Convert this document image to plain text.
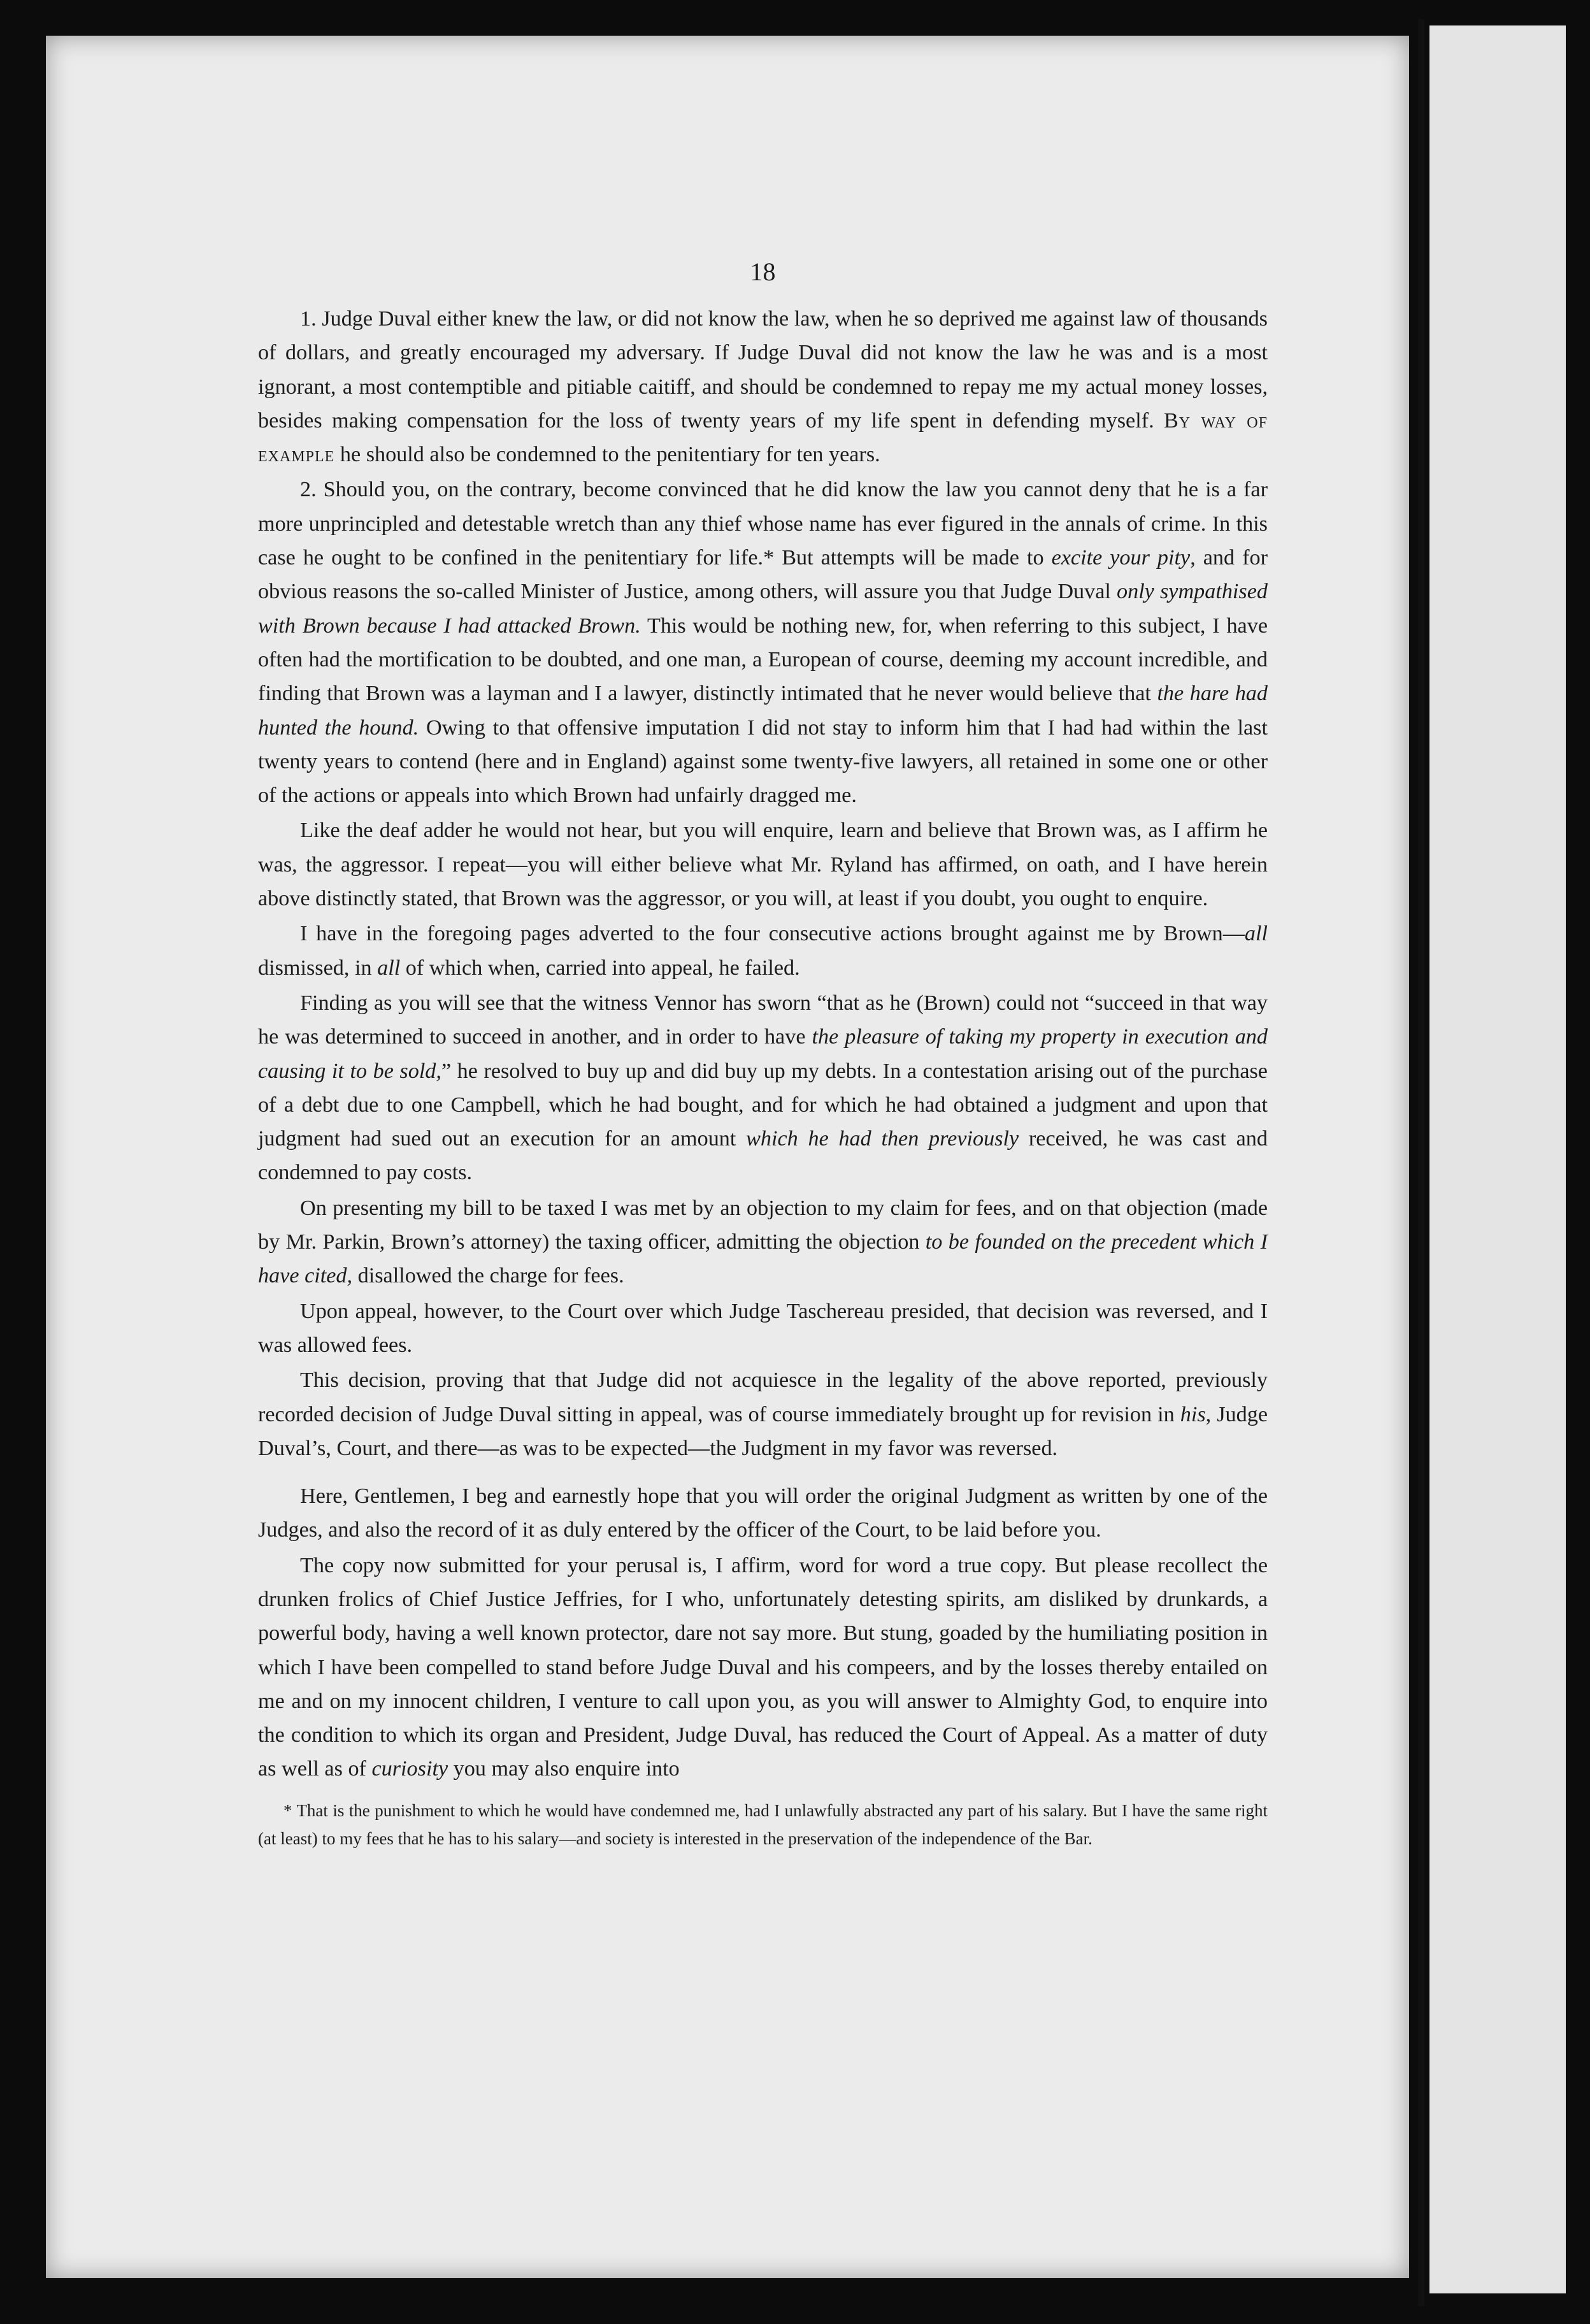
18

1. Judge Duval either knew the law, or did not know the law, when he so deprived me against law of thousands of dollars, and greatly encouraged my adversary. If Judge Duval did not know the law he was and is a most ignorant, a most contemptible and pitiable caitiff, and should be condemned to repay me my actual money losses, besides making compensation for the loss of twenty years of my life spent in defending myself. By way of example he should also be condemned to the penitentiary for ten years.

2. Should you, on the contrary, become convinced that he did know the law you cannot deny that he is a far more unprincipled and detestable wretch than any thief whose name has ever figured in the annals of crime. In this case he ought to be confined in the penitentiary for life.* But attempts will be made to excite your pity, and for obvious reasons the so-called Minister of Justice, among others, will assure you that Judge Duval only sympathised with Brown because I had attacked Brown. This would be nothing new, for, when referring to this subject, I have often had the mortification to be doubted, and one man, a European of course, deeming my account incredible, and finding that Brown was a layman and I a lawyer, distinctly intimated that he never would believe that the hare had hunted the hound. Owing to that offensive imputation I did not stay to inform him that I had had within the last twenty years to contend (here and in England) against some twenty-five lawyers, all retained in some one or other of the actions or appeals into which Brown had unfairly dragged me.

Like the deaf adder he would not hear, but you will enquire, learn and believe that Brown was, as I affirm he was, the aggressor. I repeat—you will either believe what Mr. Ryland has affirmed, on oath, and I have herein above distinctly stated, that Brown was the aggressor, or you will, at least if you doubt, you ought to enquire.

I have in the foregoing pages adverted to the four consecutive actions brought against me by Brown—all dismissed, in all of which when, carried into appeal, he failed.

Finding as you will see that the witness Vennor has sworn “that as he (Brown) could not “succeed in that way he was determined to succeed in another, and in order to have the pleasure of taking my property in execution and causing it to be sold,” he resolved to buy up and did buy up my debts. In a contestation arising out of the purchase of a debt due to one Campbell, which he had bought, and for which he had obtained a judgment and upon that judgment had sued out an execution for an amount which he had then previously received, he was cast and condemned to pay costs.

On presenting my bill to be taxed I was met by an objection to my claim for fees, and on that objection (made by Mr. Parkin, Brown’s attorney) the taxing officer, admitting the objection to be founded on the precedent which I have cited, disallowed the charge for fees.

Upon appeal, however, to the Court over which Judge Taschereau presided, that decision was reversed, and I was allowed fees.

This decision, proving that that Judge did not acquiesce in the legality of the above reported, previously recorded decision of Judge Duval sitting in appeal, was of course immediately brought up for revision in his, Judge Duval’s, Court, and there—as was to be expected—the Judgment in my favor was reversed.

Here, Gentlemen, I beg and earnestly hope that you will order the original Judgment as written by one of the Judges, and also the record of it as duly entered by the officer of the Court, to be laid before you.

The copy now submitted for your perusal is, I affirm, word for word a true copy. But please recollect the drunken frolics of Chief Justice Jeffries, for I who, unfortunately detesting spirits, am disliked by drunkards, a powerful body, having a well known protector, dare not say more. But stung, goaded by the humiliating position in which I have been compelled to stand before Judge Duval and his compeers, and by the losses thereby entailed on me and on my innocent children, I venture to call upon you, as you will answer to Almighty God, to enquire into the condition to which its organ and President, Judge Duval, has reduced the Court of Appeal. As a matter of duty as well as of curiosity you may also enquire into

* That is the punishment to which he would have condemned me, had I unlawfully abstracted any part of his salary. But I have the same right (at least) to my fees that he has to his salary—and society is interested in the preservation of the independence of the Bar.
